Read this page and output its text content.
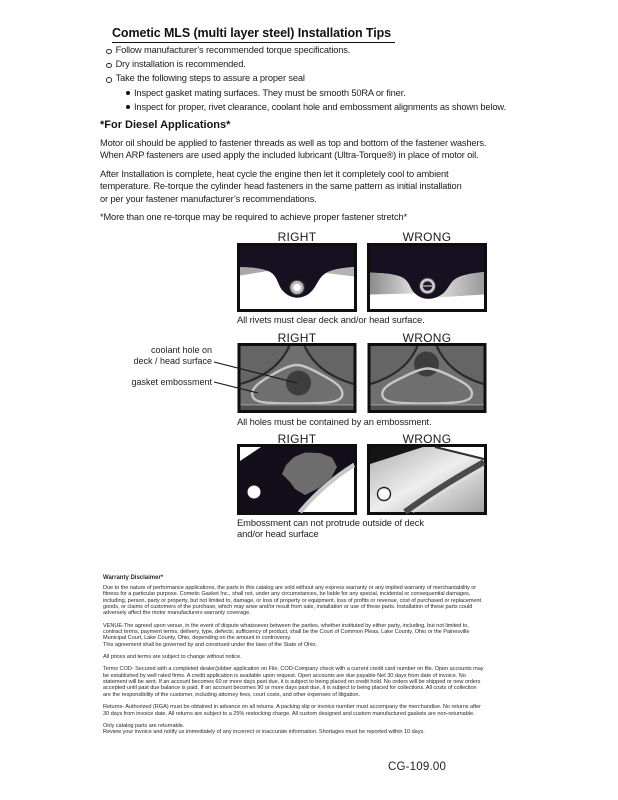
Cometic MLS (multi layer steel) Installation Tips
Follow manufacturer’s recommended torque specifications.
Dry installation is recommended.
Take the following steps to assure a proper seal
Inspect gasket mating surfaces. They must be smooth 50RA or finer.
Inspect for proper, rivet clearance, coolant hole and embossment alignments as shown below.
*For Diesel Applications*
Motor oil should be applied to fastener threads as well as top and bottom of the fastener washers.
When ARP fasteners are used apply the included lubricant (Ultra-Torque®) in place of motor oil.
After Installation is complete, heat cycle the engine then let it completely cool to ambient
temperature. Re-torque the cylinder head fasteners in the same pattern as initial installation
or per your fastener manufacturer’s recommendations.
*More than one re-torque may be required to achieve proper fastener stretch*
RIGHT	WRONG
All rivets must clear deck and/or head surface.
RIGHT	WRONG
coolant hole on
deck / head surface
gasket embossment
All holes must be contained by an embossment.
RIGHT	WRONG
Embossment can not protrude outside of deck
and/or head surface
Warranty Disclaimer*
Due to the nature of performance applications, the parts in this catalog are sold without any express warranty or any implied warranty of merchantability or
fitness for a particular purpose. Cometic Gasket Inc., shall not, under any circumstances, be liable for any special, incidental or consequential damages,
including, person, party or property, but not limited to, damage, or loss of property or equipment, loss of profits or revenue, cost of purchased or replacement
goods, or claims of customers of the purchase, which may arise and/or result from sale, installation or use of these parts. Installation of these parts could
adversely affect the motor manufacturers warranty coverage.
VENUE-The agreed upon venue, in the event of dispute whatsoever between the parties, whether instituted by either party, including, but not limited to,
contract terms, payment terms, delivery, type, defects, sufficiency of product, shall be the Court of Common Pleas, Lake County, Ohio or the Painesville
Municipal Court, Lake County, Ohio, depending on the amount in controversy.
This agreement shall be governed by and construed under the laws of the State of Ohio.
All prices and terms are subject to change without notice.
Terms COD- Secured with a completed dealer/jobber application on File, COD-Company check with a current credit card number on file. Open accounts may
be established by well rated firms. A credit application is available upon request. Open accounts are due payable Net 30 days from date of invoice. No
statement will be sent. If an account becomes 60 or more days past due, it is subject to being placed on credit hold. No orders will be shipped or new orders
accepted until past due balance is paid. If an account becomes 90 or more days past due, it is subject to being placed for collections. All costs of collection
are the responsibility of the customer, including attorney fees, court costs, and other expenses of litigation.
Returns- Authorized (RGA) must be obtained in advance on all returns. A packing slip or invoice number must accompany the merchandise. No returns after
30 days from invoice date. All returns are subject to a 25% restocking charge. All custom designed and custom manufactured gaskets are non-returnable.
Only catalog parts are returnable.
Review your invoice and notify us immediately of any incorrect or inaccurate information. Shortages must be reported within 10 days.
CG-109.00
